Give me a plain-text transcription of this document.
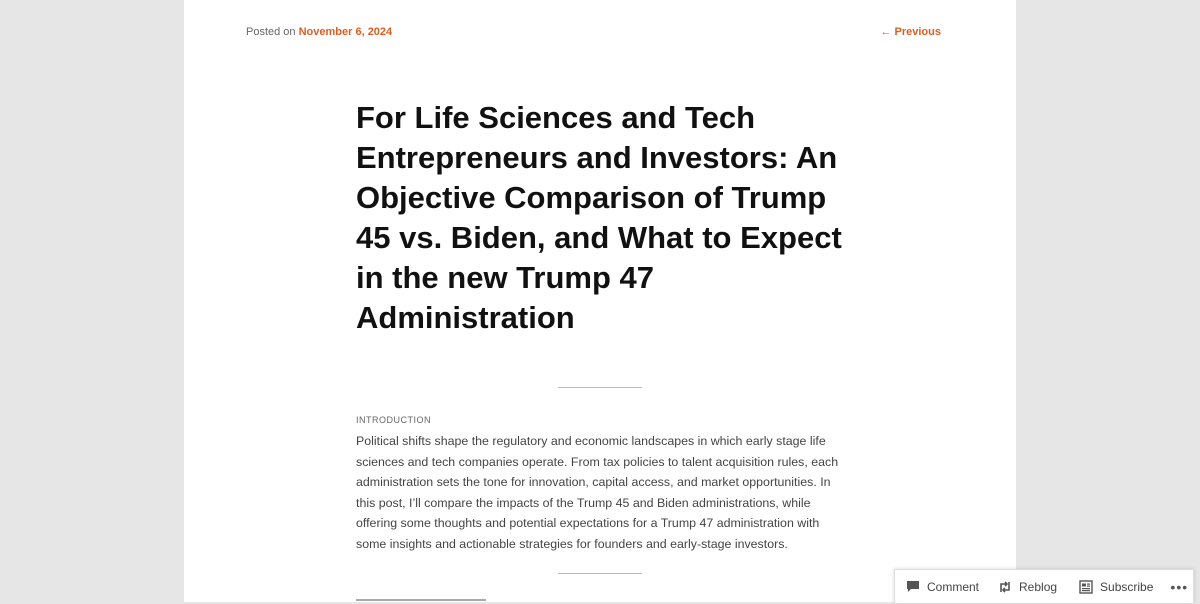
Posted on November 6, 2024	← Previous
For Life Sciences and Tech Entrepreneurs and Investors: An Objective Comparison of Trump 45 vs. Biden, and What to Expect in the new Trump 47 Administration
INTRODUCTION

Political shifts shape the regulatory and economic landscapes in which early stage life sciences and tech companies operate. From tax policies to talent acquisition rules, each administration sets the tone for innovation, capital access, and market opportunities. In this post, I’ll compare the impacts of the Trump 45 and Biden administrations, while offering some thoughts and potential expectations for a Trump 47 administration with some insights and actionable strategies for founders and early-stage investors.

Comment	Reblog	Subscribe •••
